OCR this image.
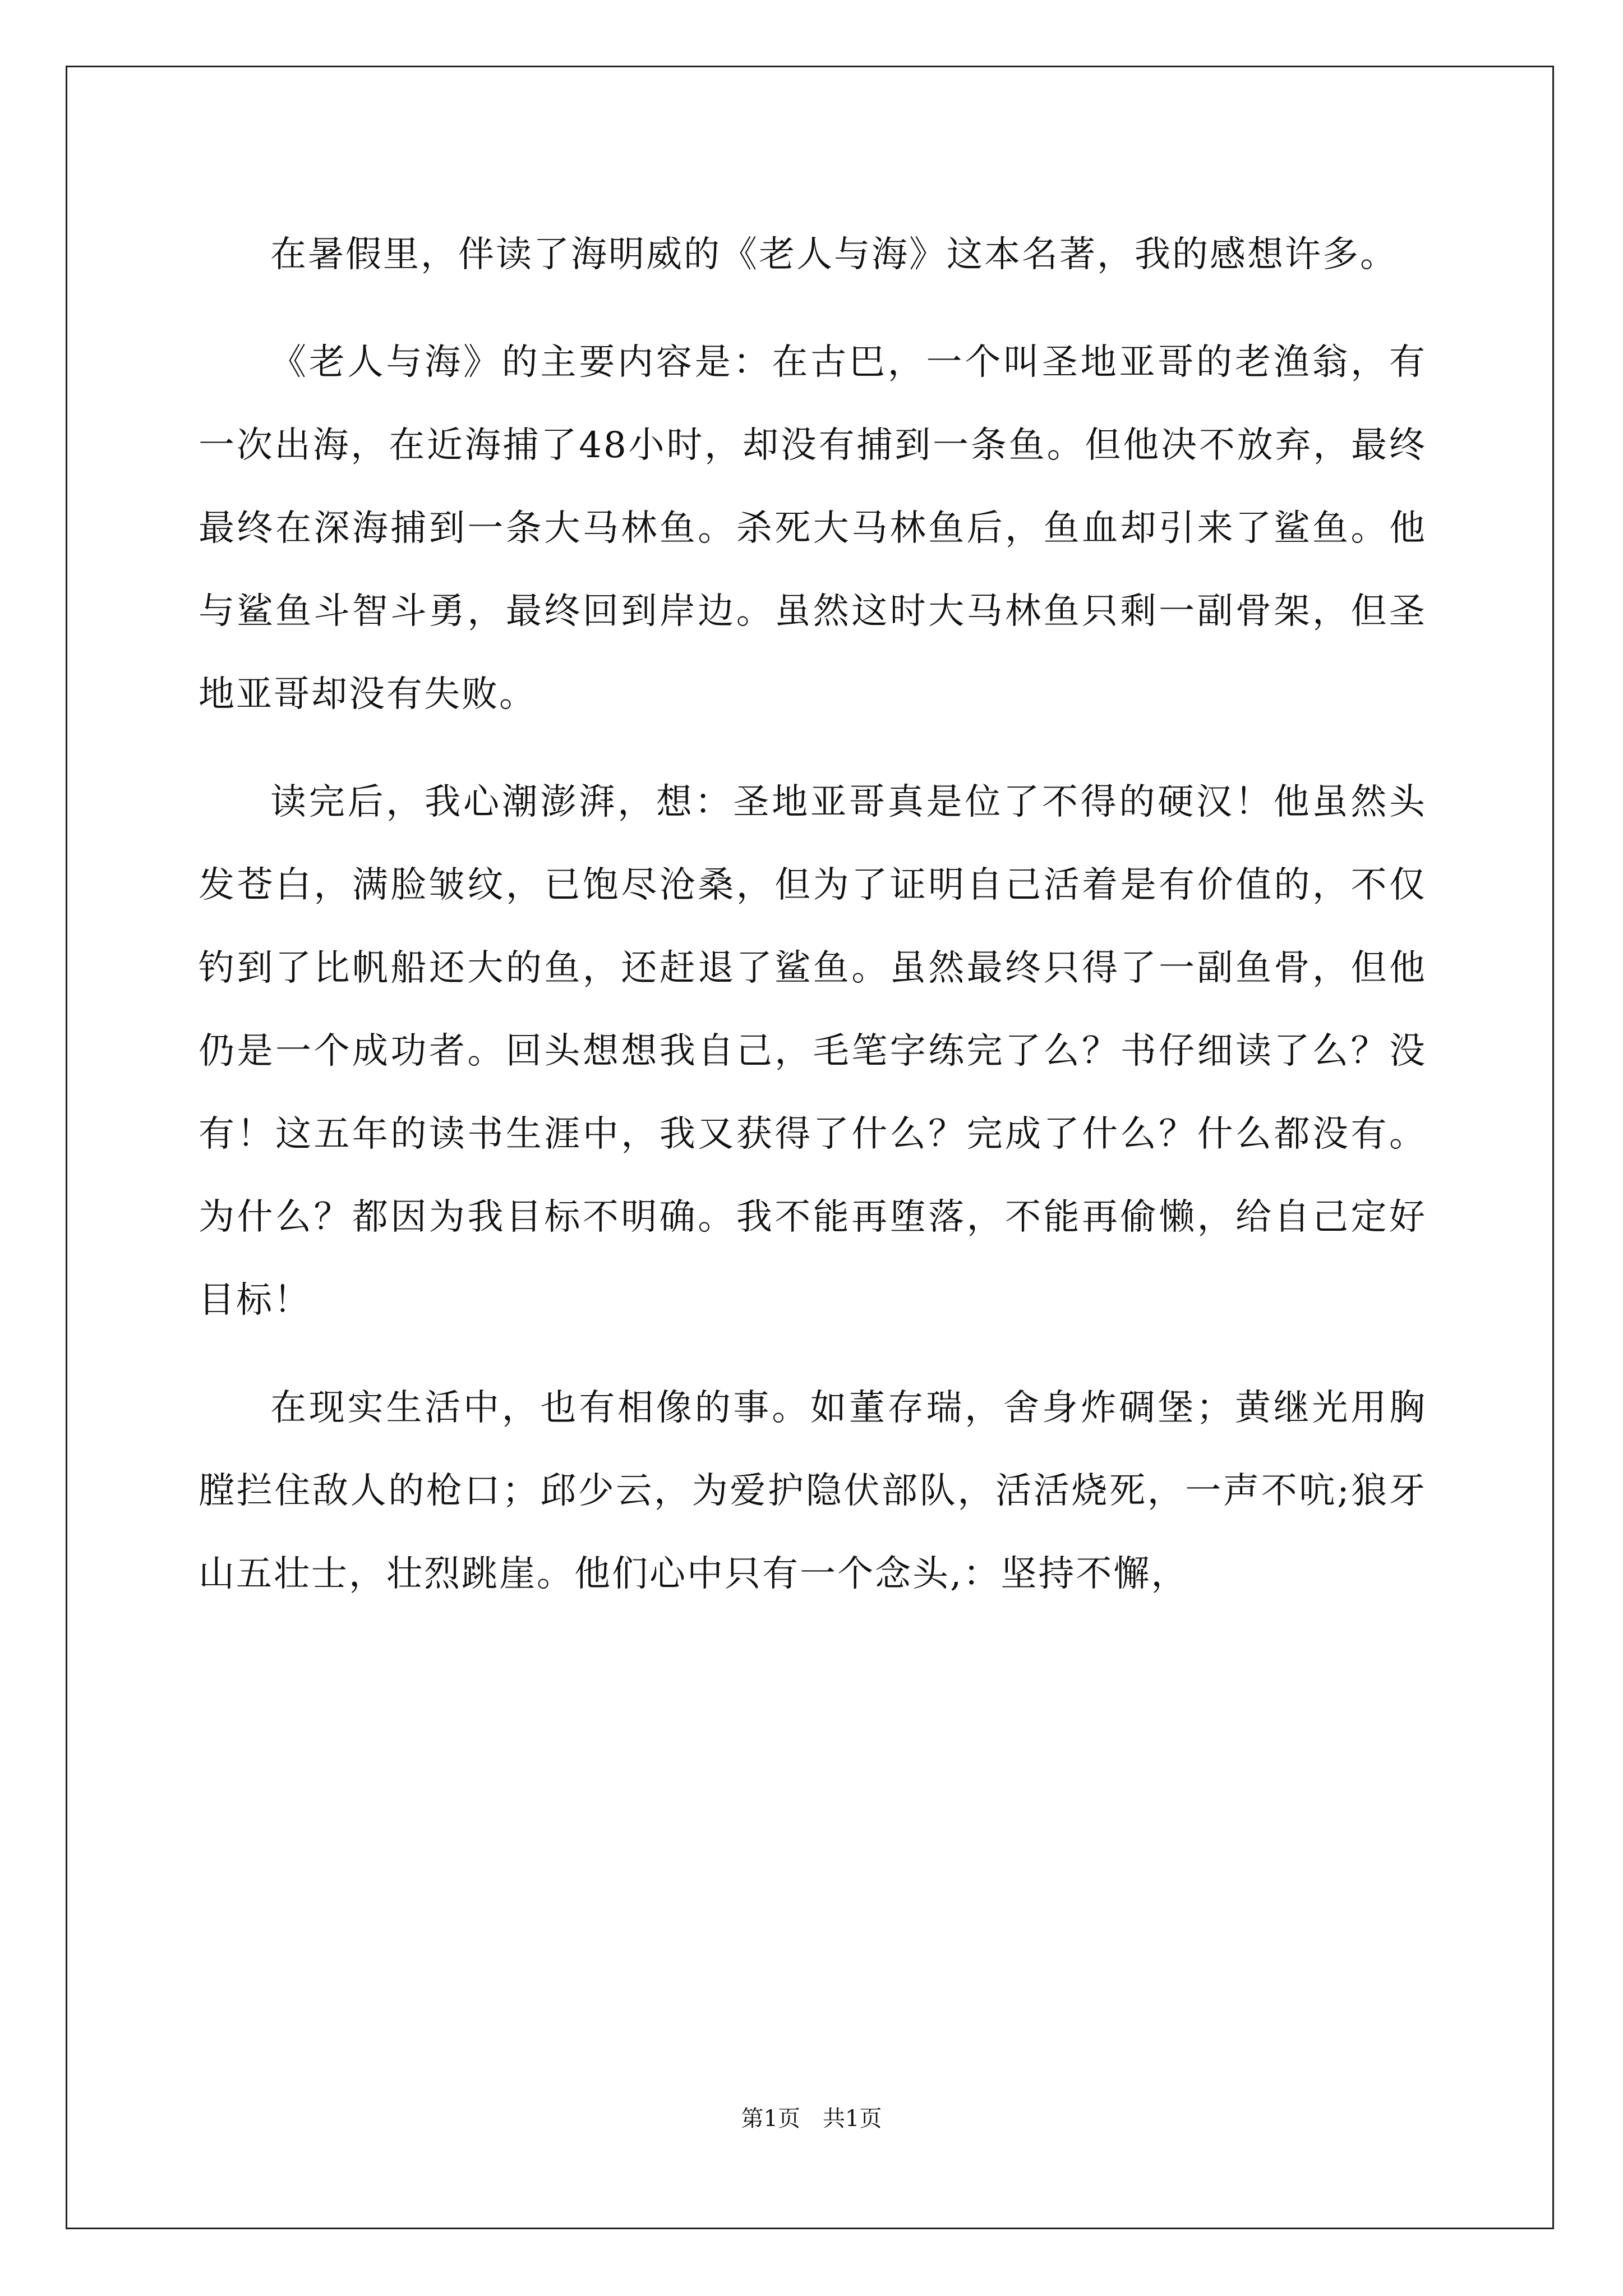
在暑假里，伴读了海明威的《老人与海》这本名著，我的感想许多。

《老人与海》的主要内容是：在古巴，一个叫圣地亚哥的老渔翁，有一次出海，在近海捕了48小时，却没有捕到一条鱼。但他决不放弃，最终最终在深海捕到一条大马林鱼。杀死大马林鱼后，鱼血却引来了鲨鱼。他与鲨鱼斗智斗勇，最终回到岸边。虽然这时大马林鱼只剩一副骨架，但圣地亚哥却没有失败。

读完后，我心潮澎湃，想：圣地亚哥真是位了不得的硬汉！他虽然头发苍白，满脸皱纹，已饱尽沧桑，但为了证明自己活着是有价值的，不仅钓到了比帆船还大的鱼，还赶退了鲨鱼。虽然最终只得了一副鱼骨，但他仍是一个成功者。回头想想我自己，毛笔字练完了么？书仔细读了么？没有！这五年的读书生涯中，我又获得了什么？完成了什么？什么都没有。为什么？都因为我目标不明确。我不能再堕落，不能再偷懒，给自己定好目标！

在现实生活中，也有相像的事。如董存瑞，舍身炸碉堡；黄继光用胸膛拦住敌人的枪口；邱少云，为爱护隐伏部队，活活烧死，一声不吭;狼牙山五壮士，壮烈跳崖。他们心中只有一个念头,：坚持不懈，

第1页　共1页
